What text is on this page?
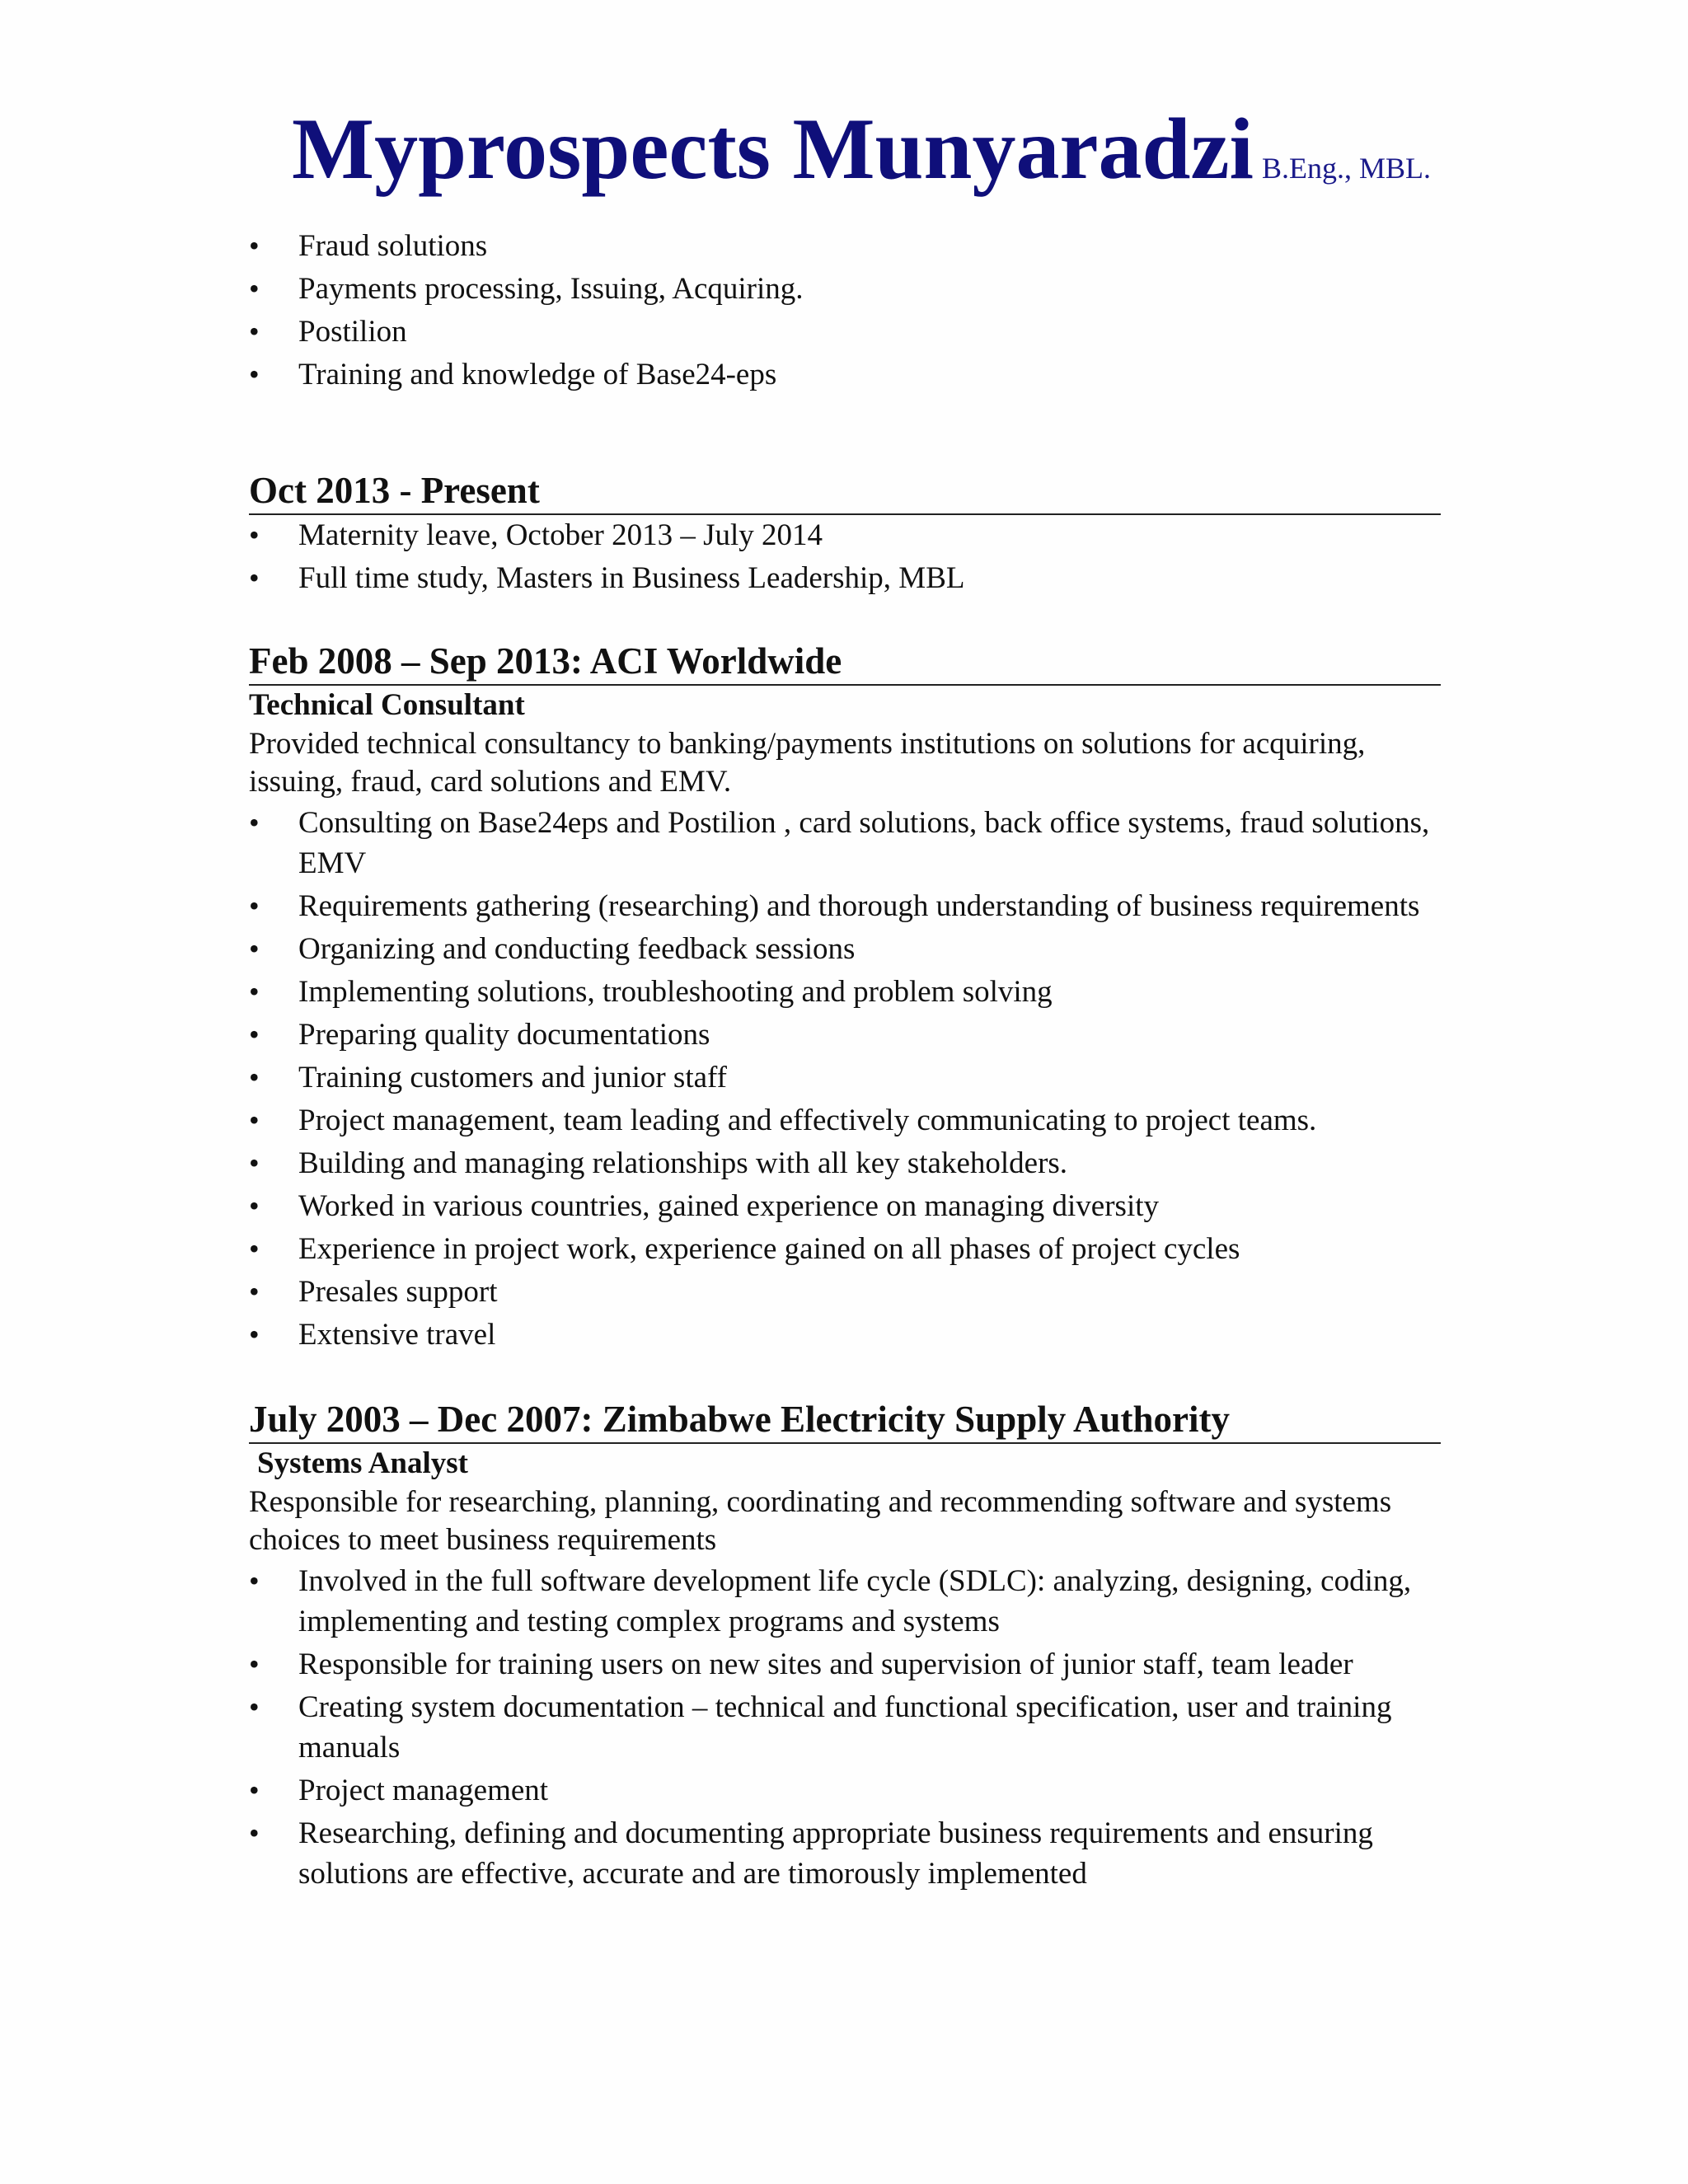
Myprospects Munyaradzi B.Eng., MBL.
• Fraud solutions
• Payments processing, Issuing, Acquiring.
• Postilion
• Training and knowledge of Base24-eps
Oct 2013 - Present
• Maternity leave, October 2013 – July 2014
• Full time study, Masters in Business Leadership, MBL
Feb 2008 – Sep 2013: ACI Worldwide

Technical Consultant

Provided technical consultancy to banking/payments institutions on solutions for acquiring, issuing, fraud, card solutions and EMV.

• Consulting on Base24eps and Postilion , card solutions, back office systems, fraud solutions, EMV
• Requirements gathering (researching) and thorough understanding of business requirements
• Organizing and conducting feedback sessions
• Implementing solutions, troubleshooting and problem solving
• Preparing quality documentations
• Training customers and junior staff
• Project management, team leading and effectively communicating to project teams.
• Building and managing relationships with all key stakeholders.
• Worked in various countries, gained experience on managing diversity
• Experience in project work, experience gained on all phases of project cycles
• Presales support
• Extensive travel
July 2003 – Dec 2007: Zimbabwe Electricity Supply Authority

Systems Analyst

Responsible for researching, planning, coordinating and recommending software and systems choices to meet business requirements

• Involved in the full software development life cycle (SDLC): analyzing, designing, coding, implementing and testing complex programs and systems
• Responsible for training users on new sites and supervision of junior staff, team leader
• Creating system documentation – technical and functional specification, user and training manuals
• Project management
• Researching, defining and documenting appropriate business requirements and ensuring solutions are effective, accurate and are timorously implemented
